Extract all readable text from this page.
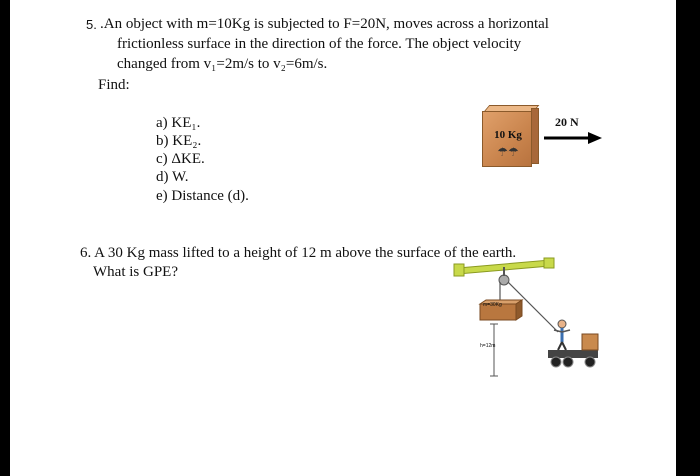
5. .An object with m=10Kg is subjected to F=20N, moves across a horizontal
frictionless surface in the direction of the force. The object velocity
changed from v₁=2m/s to v₂=6m/s.
Find:
a) KE₁.
b) KE₂.
c) ΔKE.
d) W.
e) Distance (d).
10 Kg
☂☂
20 N
6. A 30 Kg mass lifted to a height of 12 m above the surface of the earth.
What is GPE?
m=30Kg
h=12m
